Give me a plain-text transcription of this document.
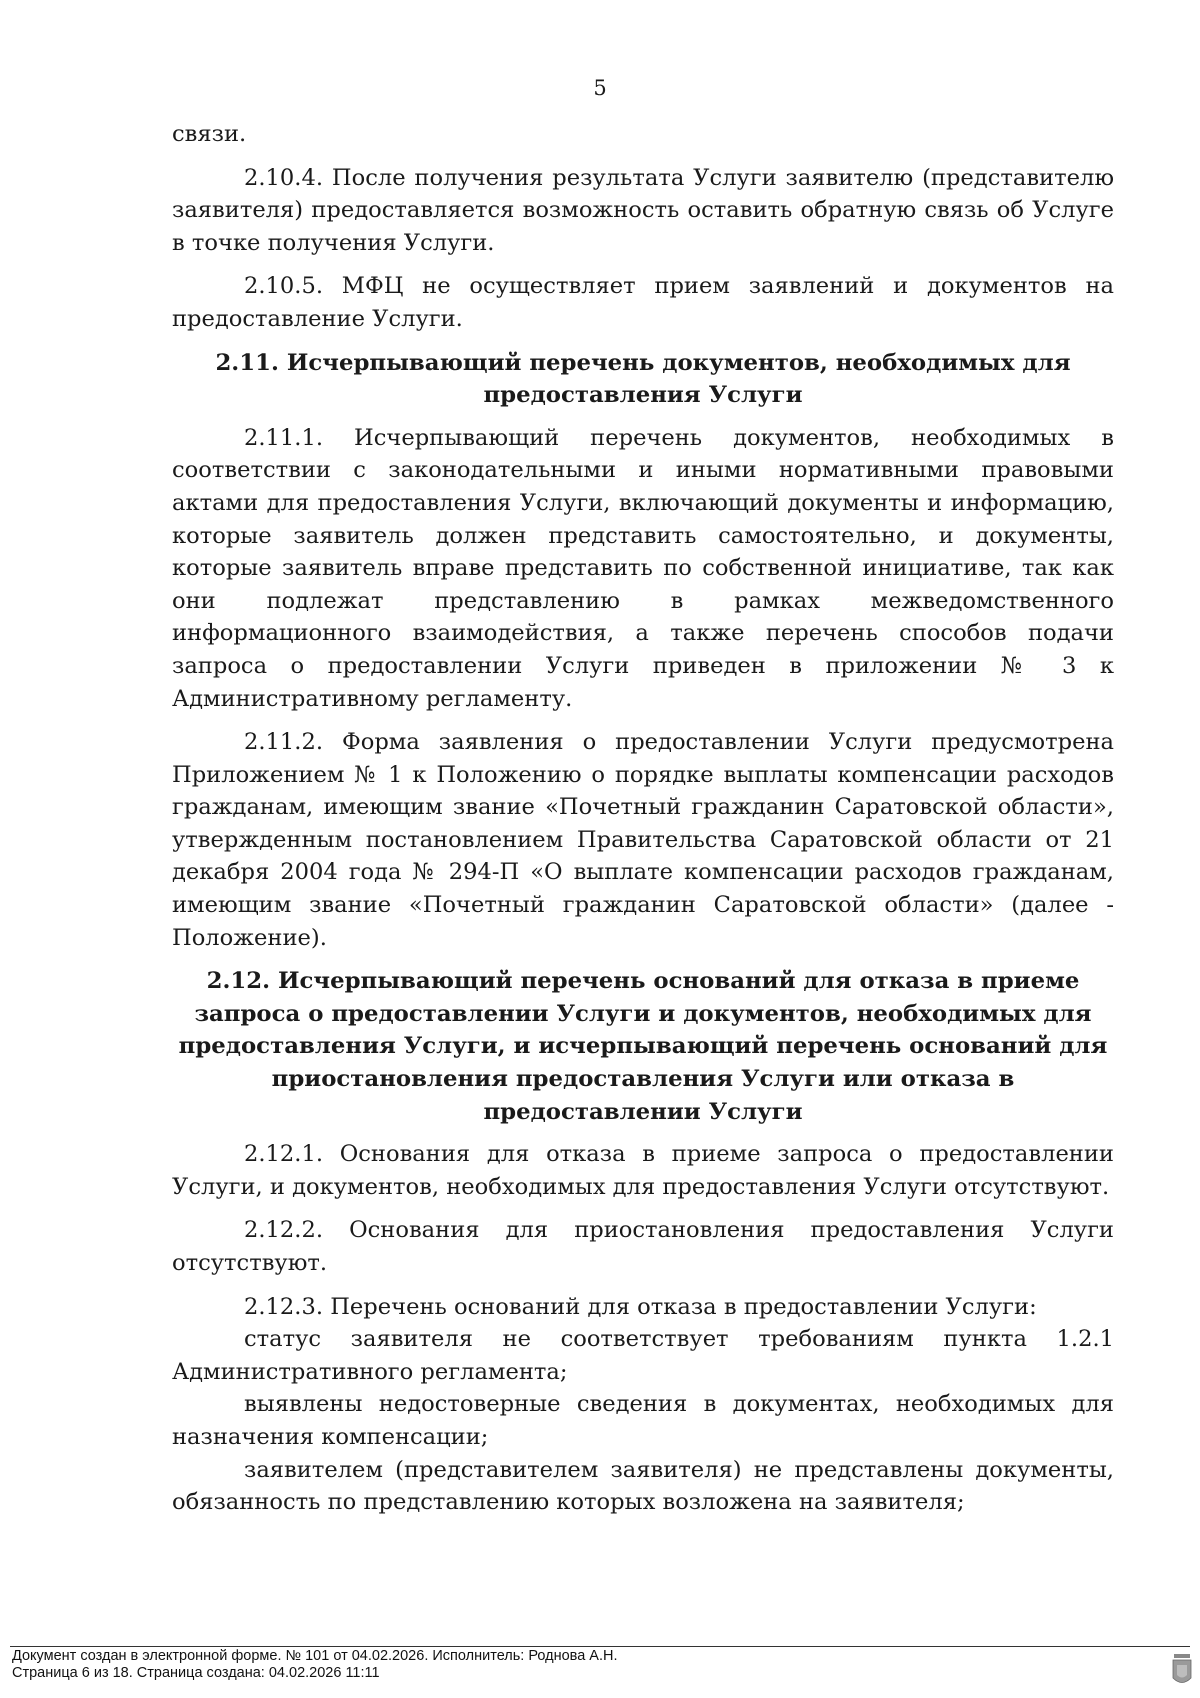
5

связи.

2.10.4. После получения результата Услуги заявителю (представителю заявителя) предоставляется возможность оставить обратную связь об Услуге в точке получения Услуги.

2.10.5. МФЦ не осуществляет прием заявлений и документов на предоставление Услуги.

2.11. Исчерпывающий перечень документов, необходимых для предоставления Услуги

2.11.1. Исчерпывающий перечень документов, необходимых в соответствии с законодательными и иными нормативными правовыми актами для предоставления Услуги, включающий документы и информацию, которые заявитель должен представить самостоятельно, и документы, которые заявитель вправе представить по собственной инициативе, так как они подлежат представлению в рамках межведомственного информационного взаимодействия, а также перечень способов подачи запроса о предоставлении Услуги приведен в приложении № 3 к Административному регламенту.

2.11.2. Форма заявления о предоставлении Услуги предусмотрена Приложением № 1 к Положению о порядке выплаты компенсации расходов гражданам, имеющим звание «Почетный гражданин Саратовской области», утвержденным постановлением Правительства Саратовской области от 21 декабря 2004 года № 294-П «О выплате компенсации расходов гражданам, имеющим звание «Почетный гражданин Саратовской области» (далее - Положение).

2.12. Исчерпывающий перечень оснований для отказа в приеме запроса о предоставлении Услуги и документов, необходимых для предоставления Услуги, и исчерпывающий перечень оснований для приостановления предоставления Услуги или отказа в предоставлении Услуги

2.12.1. Основания для отказа в приеме запроса о предоставлении Услуги, и документов, необходимых для предоставления Услуги отсутствуют.

2.12.2. Основания для приостановления предоставления Услуги отсутствуют.

2.12.3. Перечень оснований для отказа в предоставлении Услуги:

статус заявителя не соответствует требованиям пункта 1.2.1 Административного регламента;

выявлены недостоверные сведения в документах, необходимых для назначения компенсации;

заявителем (представителем заявителя) не представлены документы, обязанность по представлению которых возложена на заявителя;

Документ создан в электронной форме. № 101 от 04.02.2026. Исполнитель: Роднова А.Н.
Страница 6 из 18. Страница создана: 04.02.2026 11:11
